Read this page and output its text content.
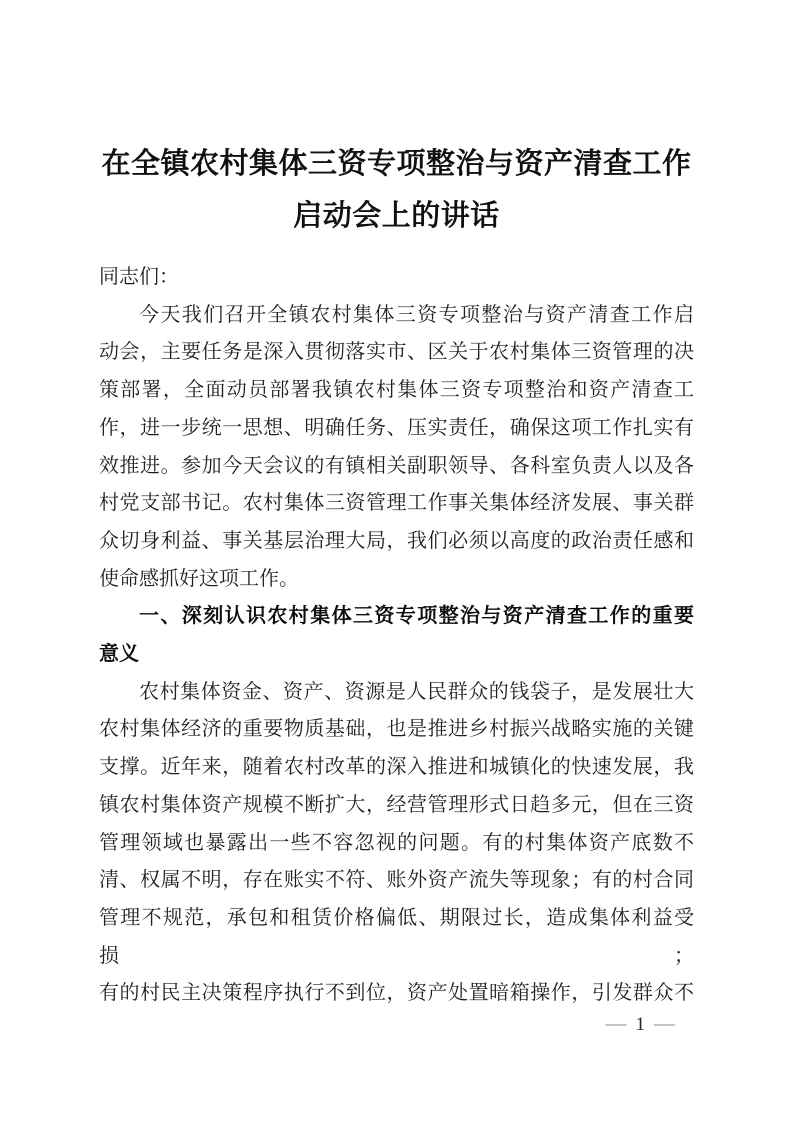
在全镇农村集体三资专项整治与资产清查工作启动会上的讲话
同志们：
今天我们召开全镇农村集体三资专项整治与资产清查工作启
动会，主要任务是深入贯彻落实市、区关于农村集体三资管理的决
策部署，全面动员部署我镇农村集体三资专项整治和资产清查工
作，进一步统一思想、明确任务、压实责任，确保这项工作扎实有
效推进。参加今天会议的有镇相关副职领导、各科室负责人以及各
村党支部书记。农村集体三资管理工作事关集体经济发展、事关群
众切身利益、事关基层治理大局，我们必须以高度的政治责任感和
使命感抓好这项工作。
一、深刻认识农村集体三资专项整治与资产清查工作的重要
意义
农村集体资金、资产、资源是人民群众的钱袋子，是发展壮大
农村集体经济的重要物质基础，也是推进乡村振兴战略实施的关键
支撑。近年来，随着农村改革的深入推进和城镇化的快速发展，我
镇农村集体资产规模不断扩大，经营管理形式日趋多元，但在三资
管理领域也暴露出一些不容忽视的问题。有的村集体资产底数不
清、权属不明，存在账实不符、账外资产流失等现象；有的村合同
管理不规范，承包和租赁价格偏低、期限过长，造成集体利益受损；
有的村民主决策程序执行不到位，资产处置暗箱操作，引发群众不
— 1 —
